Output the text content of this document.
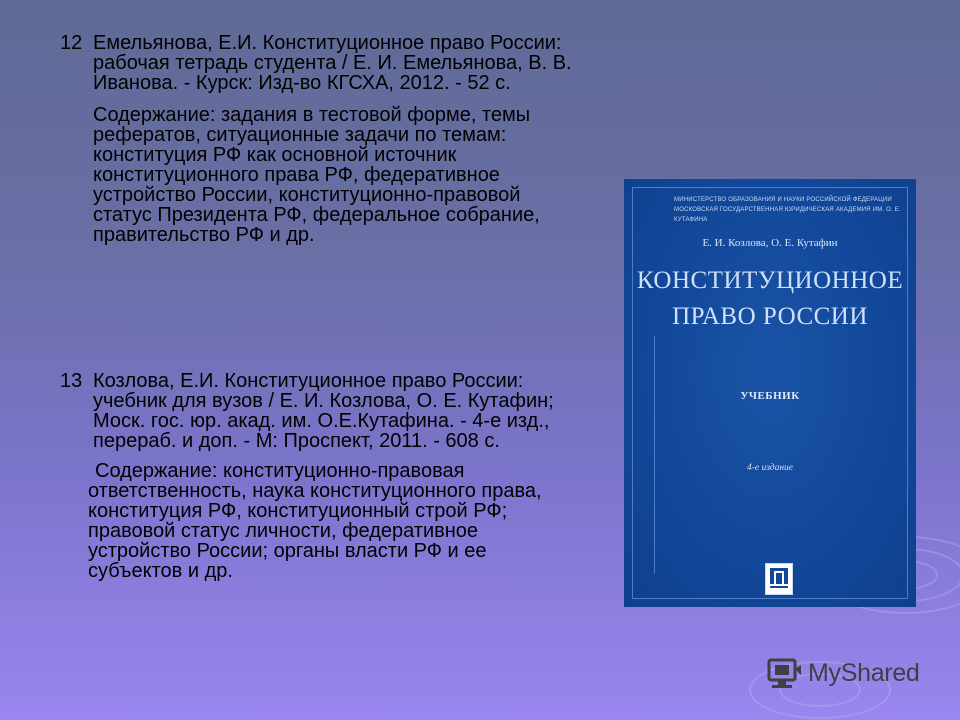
12 Емельянова, Е.И. Конституционное право России: рабочая тетрадь студента / Е. И. Емельянова, В. В. Иванова. - Курск: Изд-во КГСХА, 2012. - 52 с.
Содержание: задания в тестовой форме, темы рефератов, ситуационные задачи по темам: конституция РФ как основной источник конституционного права РФ, федеративное устройство России, конституционно-правовой статус Президента РФ, федеральное собрание, правительство РФ и др.
13 Козлова, Е.И. Конституционное право России: учебник для вузов / Е. И. Козлова, О. Е. Кутафин; Моск. гос. юр. акад. им. О.Е.Кутафина. - 4-е изд., перераб. и доп. - М: Проспект, 2011. - 608 с.
Содержание: конституционно-правовая ответственность, наука конституционного права, конституция РФ, конституционный строй РФ; правовой статус личности, федеративное устройство России; органы власти РФ и ее субъектов и др.
МИНИСТЕРСТВО ОБРАЗОВАНИЯ И НАУКИ РОССИЙСКОЙ ФЕДЕРАЦИИ
МОСКОВСКАЯ ГОСУДАРСТВЕННАЯ ЮРИДИЧЕСКАЯ АКАДЕМИЯ ИМ. О. Е. КУТАФИНА
Е. И. Козлова, О. Е. Кутафин
КОНСТИТУЦИОННОЕ
ПРАВО РОССИИ
УЧЕБНИК
4-е издание
MyShared
